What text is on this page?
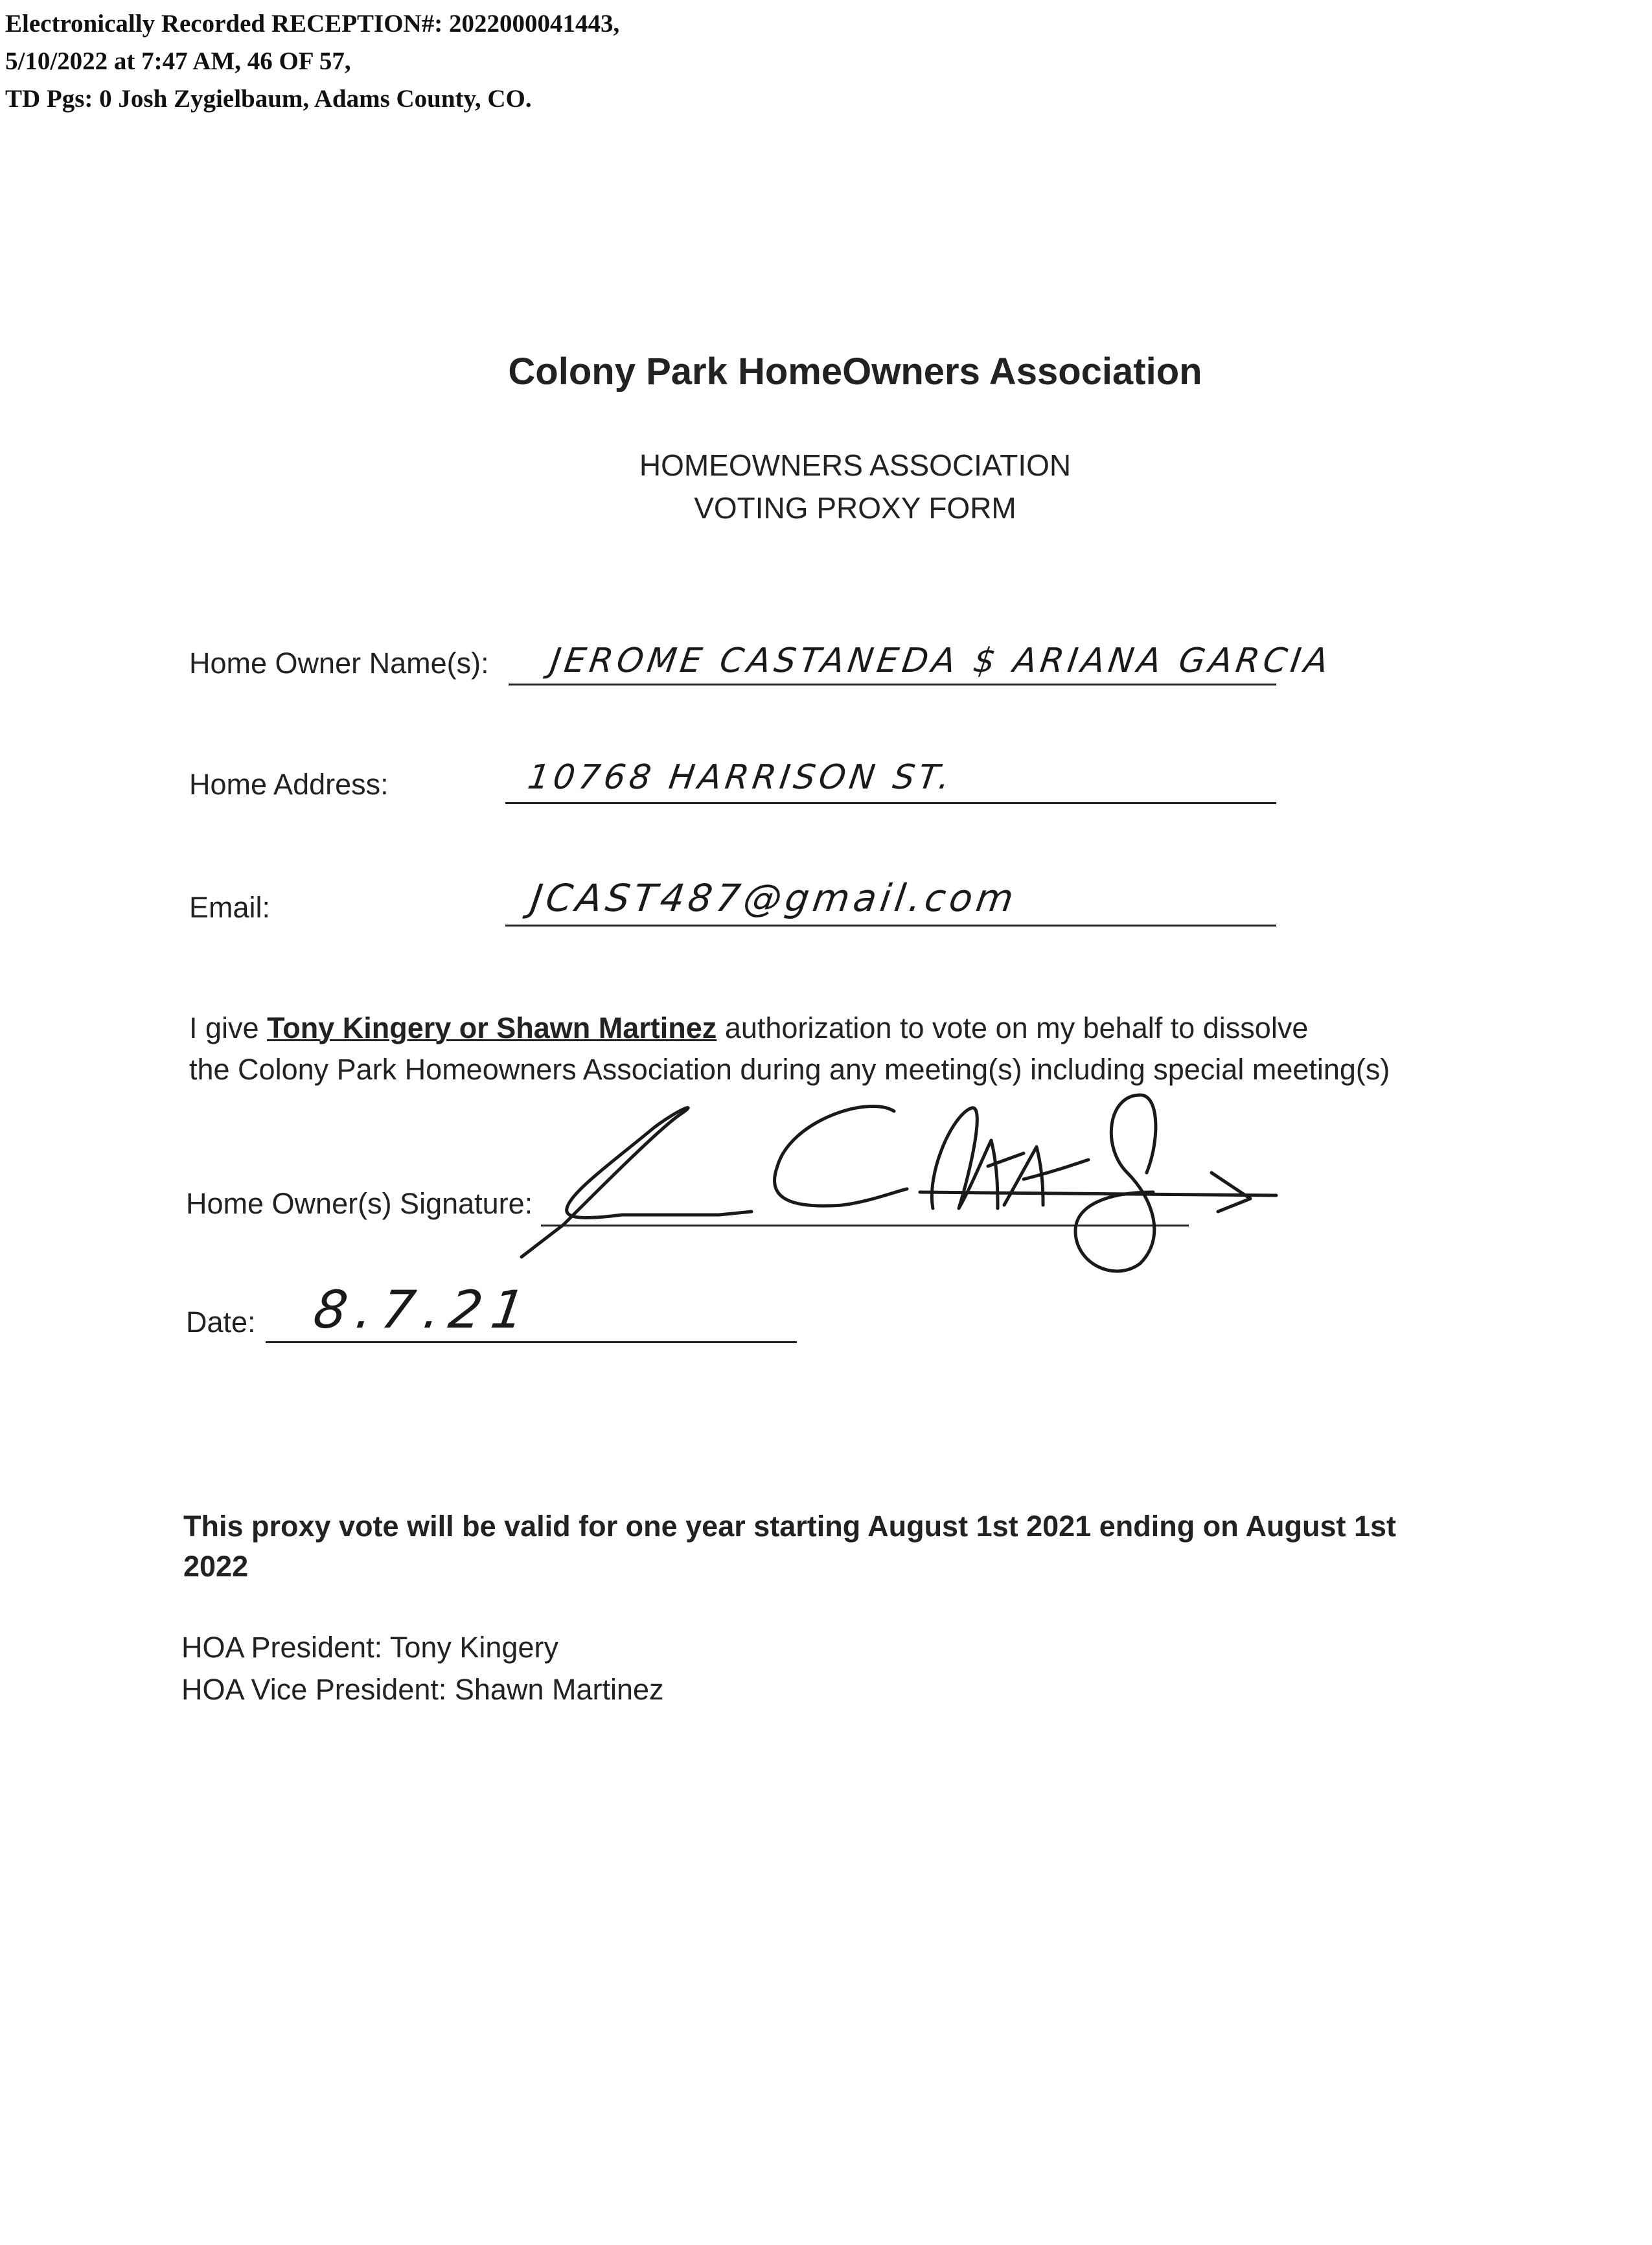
Electronically Recorded RECEPTION#: 2022000041443,
5/10/2022 at 7:47 AM, 46 OF 57,
TD Pgs: 0 Josh Zygielbaum, Adams County, CO.
Colony Park HomeOwners Association
HOMEOWNERS ASSOCIATION
VOTING PROXY FORM
Home Owner Name(s): JEROME CASTANEDA $ ARIANA GARCIA
Home Address:	10768 HARRISON ST.
Email:	JCAST487@gmail.com
I give Tony Kingery or Shawn Martinez authorization to vote on my behalf to dissolve
the Colony Park Homeowners Association during any meeting(s) including special meeting(s)
Home Owner(s) Signature:
Date: 8.7.21
This proxy vote will be valid for one year starting August 1st 2021 ending on August 1st
2022
HOA President: Tony Kingery
HOA Vice President: Shawn Martinez
